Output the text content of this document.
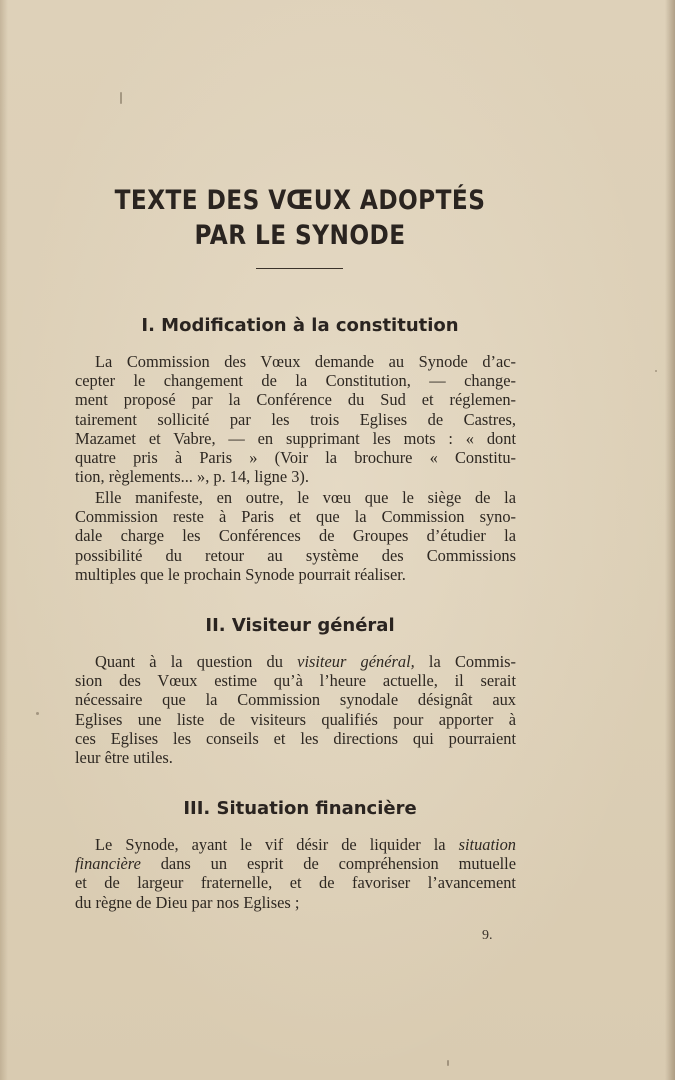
TEXTE DES VŒUX ADOPTÉS
PAR LE SYNODE
I. Modification à la constitution
La Commission des Vœux demande au Synode d’ac-
cepter le changement de la Constitution, — change-
ment proposé par la Conférence du Sud et réglemen-
tairement sollicité par les trois Eglises de Castres,
Mazamet et Vabre, — en supprimant les mots : « dont
quatre pris à Paris » (Voir la brochure « Constitu-
tion, règlements... », p. 14, ligne 3).
Elle manifeste, en outre, le vœu que le siège de la
Commission reste à Paris et que la Commission syno-
dale charge les Conférences de Groupes d’étudier la
possibilité du retour au système des Commissions
multiples que le prochain Synode pourrait réaliser.
II. Visiteur général
Quant à la question du visiteur général, la Commis-
sion des Vœux estime qu’à l’heure actuelle, il serait
nécessaire que la Commission synodale désignât aux
Eglises une liste de visiteurs qualifiés pour apporter à
ces Eglises les conseils et les directions qui pourraient
leur être utiles.
III. Situation financière
Le Synode, ayant le vif désir de liquider la situation
financière dans un esprit de compréhension mutuelle
et de largeur fraternelle, et de favoriser l’avancement
du règne de Dieu par nos Eglises ;
9.
